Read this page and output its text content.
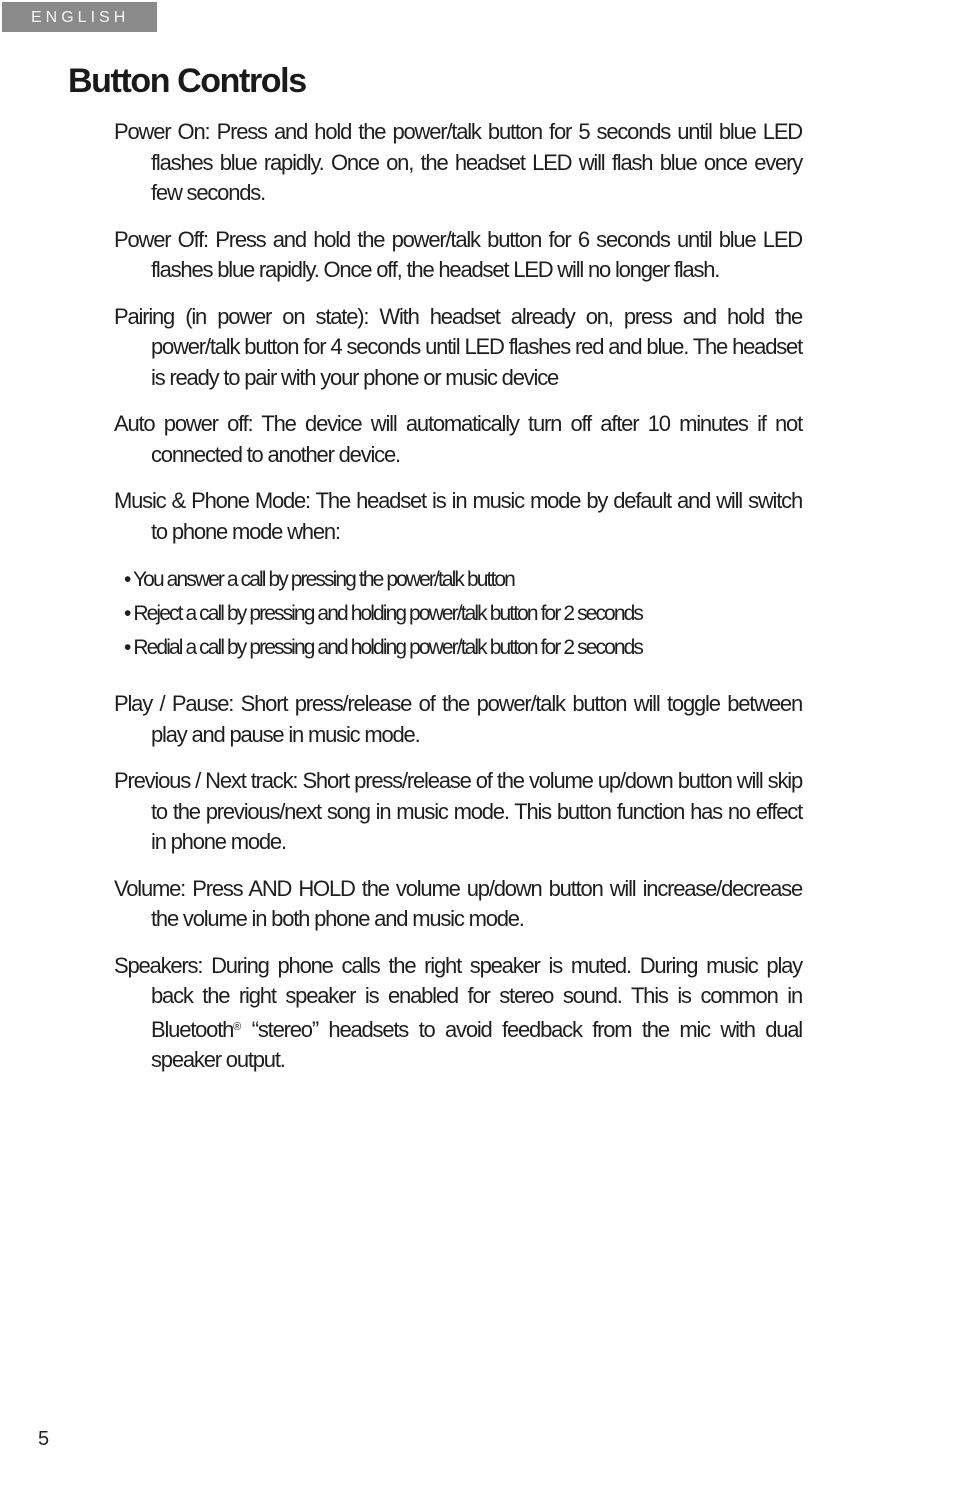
ENGLISH
Button Controls

Power On: Press and hold the power/talk button for 5 seconds until blue LED flashes blue rapidly. Once on, the headset LED will flash blue once every few seconds.

Power Off: Press and hold the power/talk button for 6 seconds until blue LED flashes blue rapidly. Once off, the headset LED will no longer flash.

Pairing (in power on state): With headset already on, press and hold the power/talk button for 4 seconds until LED flashes red and blue. The headset is ready to pair with your phone or music device

Auto power off: The device will automatically turn off after 10 minutes if not connected to another device.

Music & Phone Mode: The headset is in music mode by default and will switch to phone mode when:

• You answer a call by pressing the power/talk button
• Reject a call by pressing and holding power/talk button for 2 seconds
• Redial a call by pressing and holding power/talk button for 2 seconds

Play / Pause: Short press/release of the power/talk button will toggle between play and pause in music mode.

Previous / Next track: Short press/release of the volume up/down button will skip to the previous/next song in music mode. This button function has no effect in phone mode.

Volume: Press AND HOLD the volume up/down button will increase/decrease the volume in both phone and music mode.

Speakers: During phone calls the right speaker is muted. During music play back the right speaker is enabled for stereo sound. This is common in Bluetooth® “stereo” headsets to avoid feedback from the mic with dual speaker output.

5
